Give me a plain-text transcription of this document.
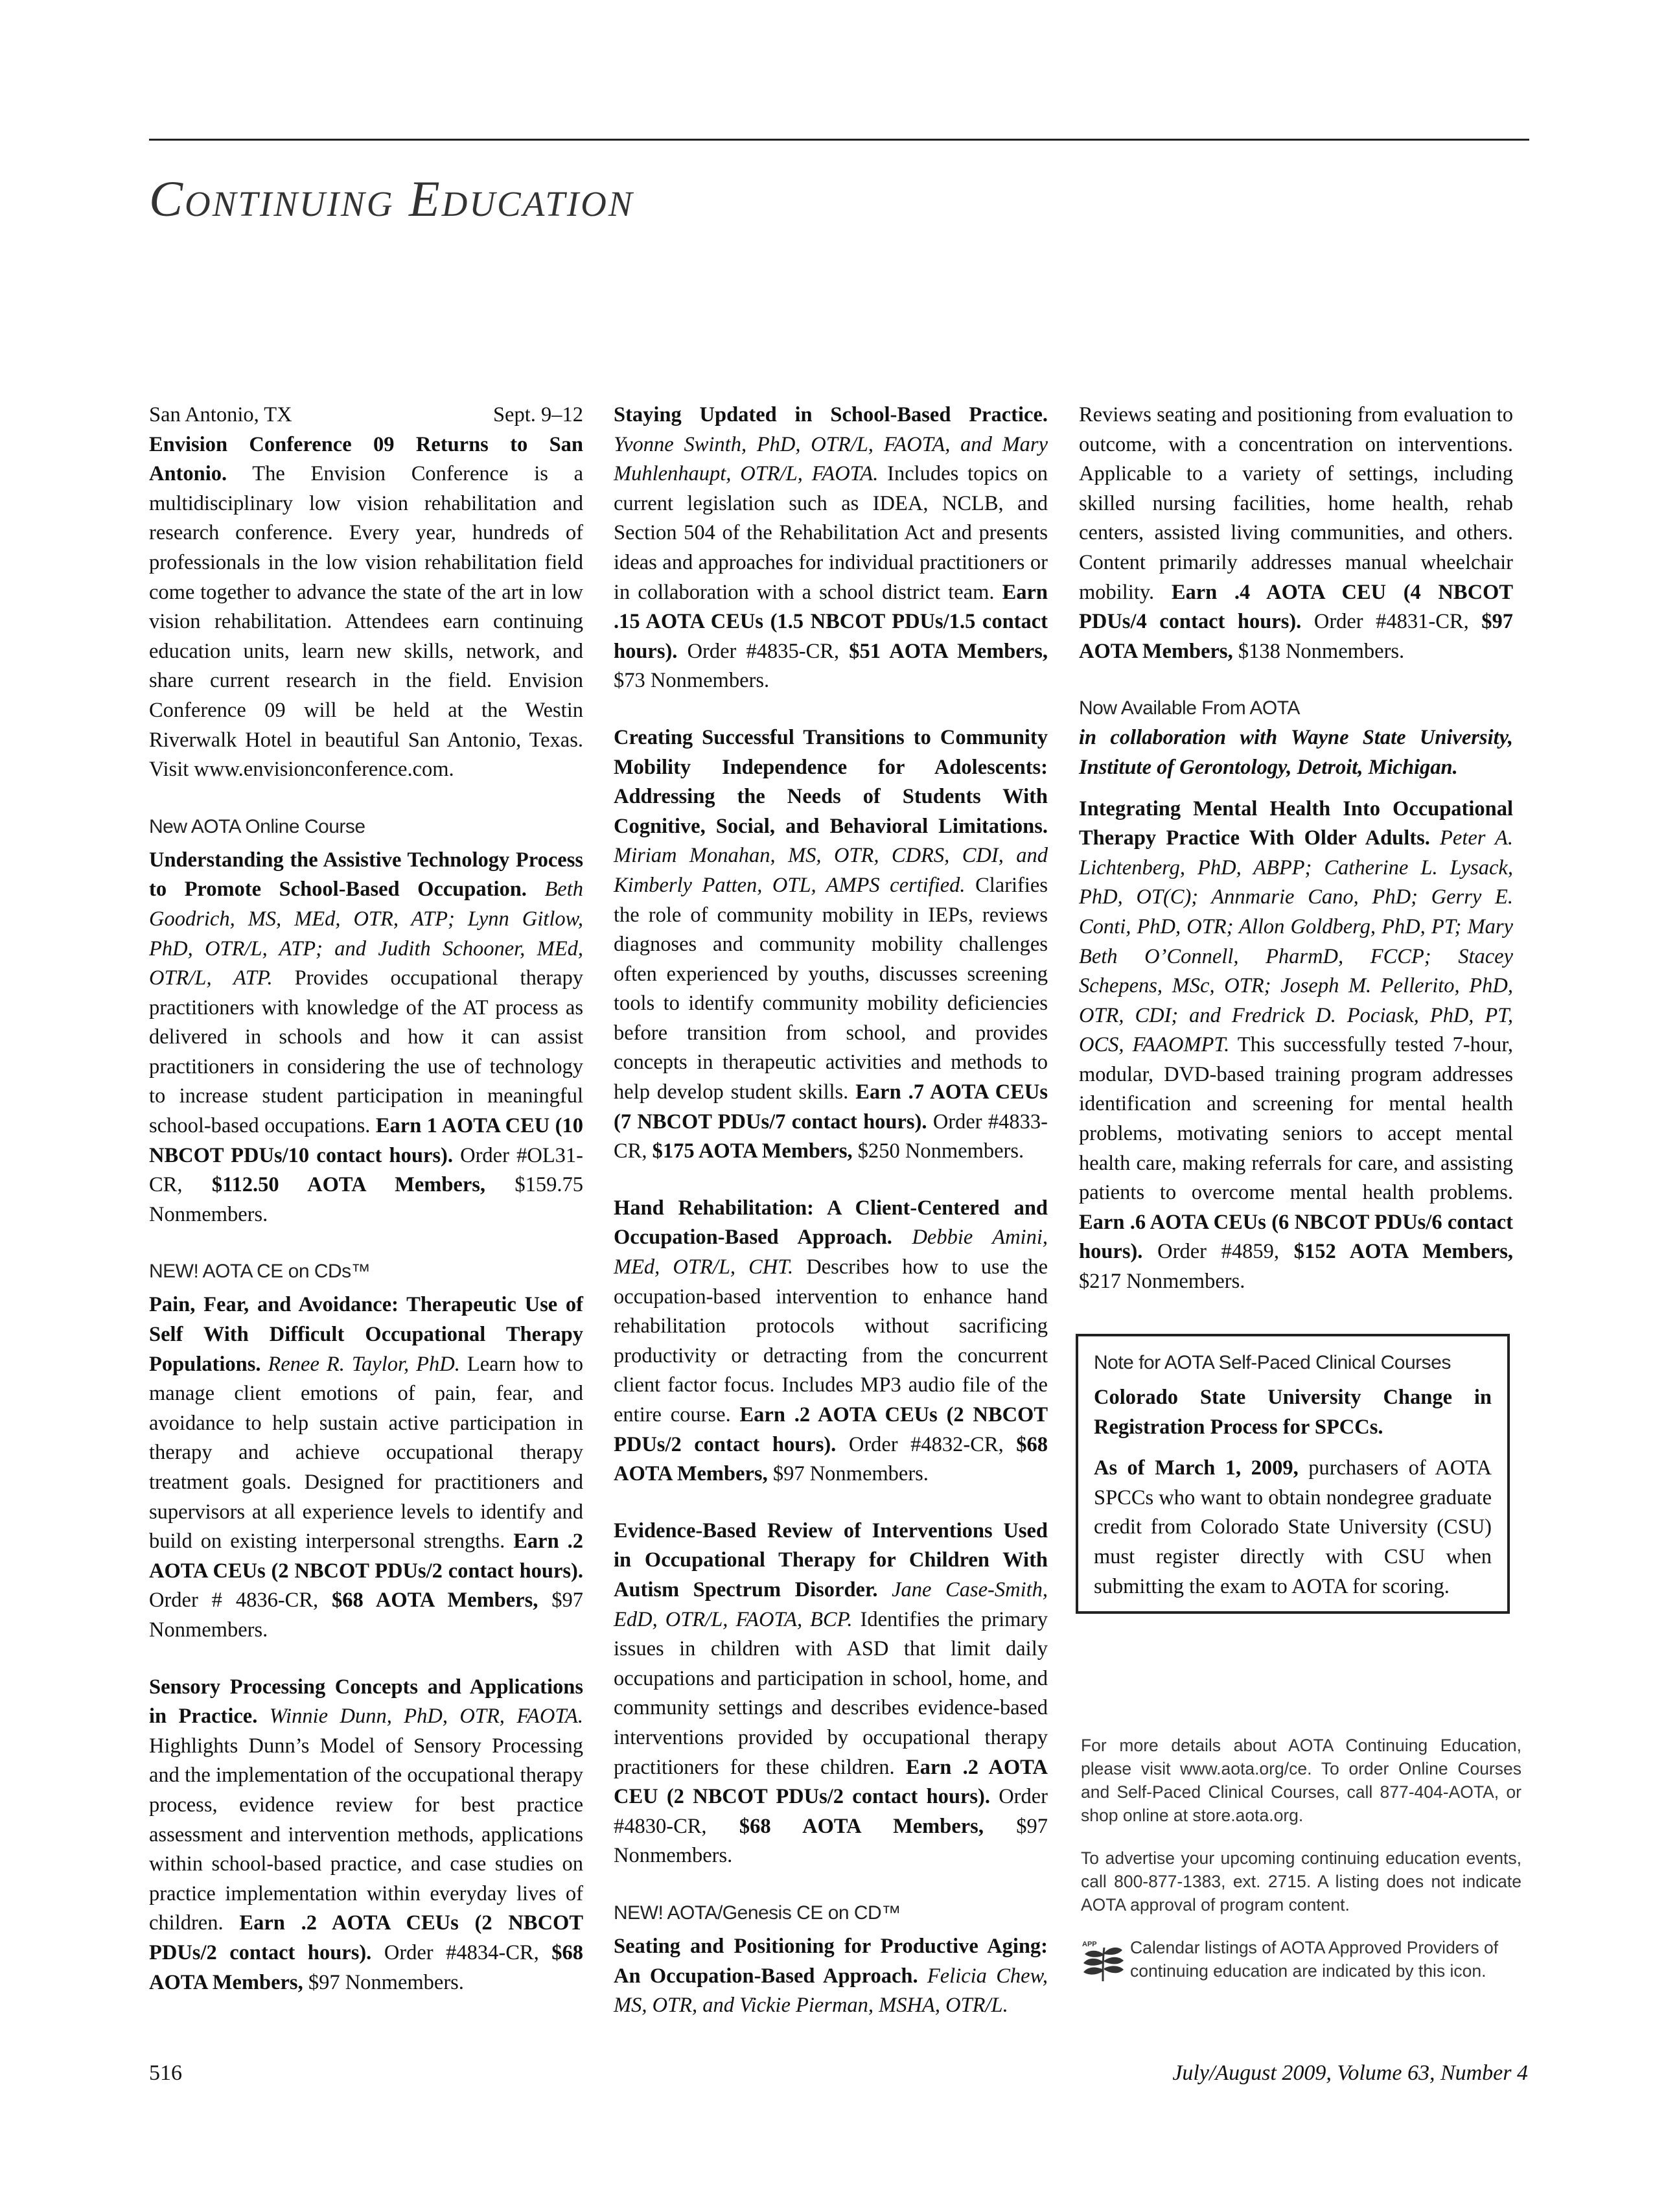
Continuing Education
San Antonio, TX	Sept. 9–12
Envision Conference 09 Returns to San Antonio. The Envision Conference is a multidisciplinary low vision rehabilitation and research conference. Every year, hundreds of professionals in the low vision rehabilitation field come together to advance the state of the art in low vision rehabilitation. Attendees earn continuing education units, learn new skills, network, and share current research in the field. Envision Conference 09 will be held at the Westin Riverwalk Hotel in beautiful San Antonio, Texas. Visit www.envisionconference.com.
New AOTA Online Course
Understanding the Assistive Technology Process to Promote School-Based Occupation. Beth Goodrich, MS, MEd, OTR, ATP; Lynn Gitlow, PhD, OTR/L, ATP; and Judith Schooner, MEd, OTR/L, ATP. Provides occupational therapy practitioners with knowledge of the AT process as delivered in schools and how it can assist practitioners in considering the use of technology to increase student participation in meaningful school-based occupations. Earn 1 AOTA CEU (10 NBCOT PDUs/10 contact hours). Order #OL31-CR, $112.50 AOTA Members, $159.75 Nonmembers.
NEW! AOTA CE on CDs™
Pain, Fear, and Avoidance: Therapeutic Use of Self With Difficult Occupational Therapy Populations. Renee R. Taylor, PhD. Learn how to manage client emotions of pain, fear, and avoidance to help sustain active participation in therapy and achieve occupational therapy treatment goals. Designed for practitioners and supervisors at all experience levels to identify and build on existing interpersonal strengths. Earn .2 AOTA CEUs (2 NBCOT PDUs/2 contact hours). Order # 4836-CR, $68 AOTA Members, $97 Nonmembers.
Sensory Processing Concepts and Applications in Practice. Winnie Dunn, PhD, OTR, FAOTA. Highlights Dunn’s Model of Sensory Processing and the implementation of the occupational therapy process, evidence review for best practice assessment and intervention methods, applications within school-based practice, and case studies on practice implementation within everyday lives of children. Earn .2 AOTA CEUs (2 NBCOT PDUs/2 contact hours). Order #4834-CR, $68 AOTA Members, $97 Nonmembers.
Staying Updated in School-Based Practice. Yvonne Swinth, PhD, OTR/L, FAOTA, and Mary Muhlenhaupt, OTR/L, FAOTA. Includes topics on current legislation such as IDEA, NCLB, and Section 504 of the Rehabilitation Act and presents ideas and approaches for individual practitioners or in collaboration with a school district team. Earn .15 AOTA CEUs (1.5 NBCOT PDUs/1.5 contact hours). Order #4835-CR, $51 AOTA Members, $73 Nonmembers.
Creating Successful Transitions to Community Mobility Independence for Adolescents: Addressing the Needs of Students With Cognitive, Social, and Behavioral Limitations. Miriam Monahan, MS, OTR, CDRS, CDI, and Kimberly Patten, OTL, AMPS certified. Clarifies the role of community mobility in IEPs, reviews diagnoses and community mobility challenges often experienced by youths, discusses screening tools to identify community mobility deficiencies before transition from school, and provides concepts in therapeutic activities and methods to help develop student skills. Earn .7 AOTA CEUs (7 NBCOT PDUs/7 contact hours). Order #4833-CR, $175 AOTA Members, $250 Nonmembers.
Hand Rehabilitation: A Client-Centered and Occupation-Based Approach. Debbie Amini, MEd, OTR/L, CHT. Describes how to use the occupation-based intervention to enhance hand rehabilitation protocols without sacrificing productivity or detracting from the concurrent client factor focus. Includes MP3 audio file of the entire course. Earn .2 AOTA CEUs (2 NBCOT PDUs/2 contact hours). Order #4832-CR, $68 AOTA Members, $97 Nonmembers.
Evidence-Based Review of Interventions Used in Occupational Therapy for Children With Autism Spectrum Disorder. Jane Case-Smith, EdD, OTR/L, FAOTA, BCP. Identifies the primary issues in children with ASD that limit daily occupations and participation in school, home, and community settings and describes evidence-based interventions provided by occupational therapy practitioners for these children. Earn .2 AOTA CEU (2 NBCOT PDUs/2 contact hours). Order #4830-CR, $68 AOTA Members, $97 Nonmembers.
NEW! AOTA/Genesis CE on CD™
Seating and Positioning for Productive Aging: An Occupation-Based Approach. Felicia Chew, MS, OTR, and Vickie Pierman, MSHA, OTR/L.
Reviews seating and positioning from evaluation to outcome, with a concentration on interventions. Applicable to a variety of settings, including skilled nursing facilities, home health, rehab centers, assisted living communities, and others. Content primarily addresses manual wheelchair mobility. Earn .4 AOTA CEU (4 NBCOT PDUs/4 contact hours). Order #4831-CR, $97 AOTA Members, $138 Nonmembers.
Now Available From AOTA
in collaboration with Wayne State University, Institute of Gerontology, Detroit, Michigan.
Integrating Mental Health Into Occupational Therapy Practice With Older Adults. Peter A. Lichtenberg, PhD, ABPP; Catherine L. Lysack, PhD, OT(C); Annmarie Cano, PhD; Gerry E. Conti, PhD, OTR; Allon Goldberg, PhD, PT; Mary Beth O’Connell, PharmD, FCCP; Stacey Schepens, MSc, OTR; Joseph M. Pellerito, PhD, OTR, CDI; and Fredrick D. Pociask, PhD, PT, OCS, FAAOMPT. This successfully tested 7-hour, modular, DVD-based training program addresses identification and screening for mental health problems, motivating seniors to accept mental health care, making referrals for care, and assisting patients to overcome mental health problems. Earn .6 AOTA CEUs (6 NBCOT PDUs/6 contact hours). Order #4859, $152 AOTA Members, $217 Nonmembers.
Note for AOTA Self-Paced Clinical Courses

Colorado State University Change in Registration Process for SPCCs.

As of March 1, 2009, purchasers of AOTA SPCCs who want to obtain nondegree graduate credit from Colorado State University (CSU) must register directly with CSU when submitting the exam to AOTA for scoring.

For more details about AOTA Continuing Education, please visit www.aota.org/ce. To order Online Courses and Self-Paced Clinical Courses, call 877-404-AOTA, or shop online at store.aota.org.

To advertise your upcoming continuing education events, call 800-877-1383, ext. 2715. A listing does not indicate AOTA approval of program content.

APP Calendar listings of AOTA Approved Providers of continuing education are indicated by this icon.
516	July/August 2009, Volume 63, Number 4
